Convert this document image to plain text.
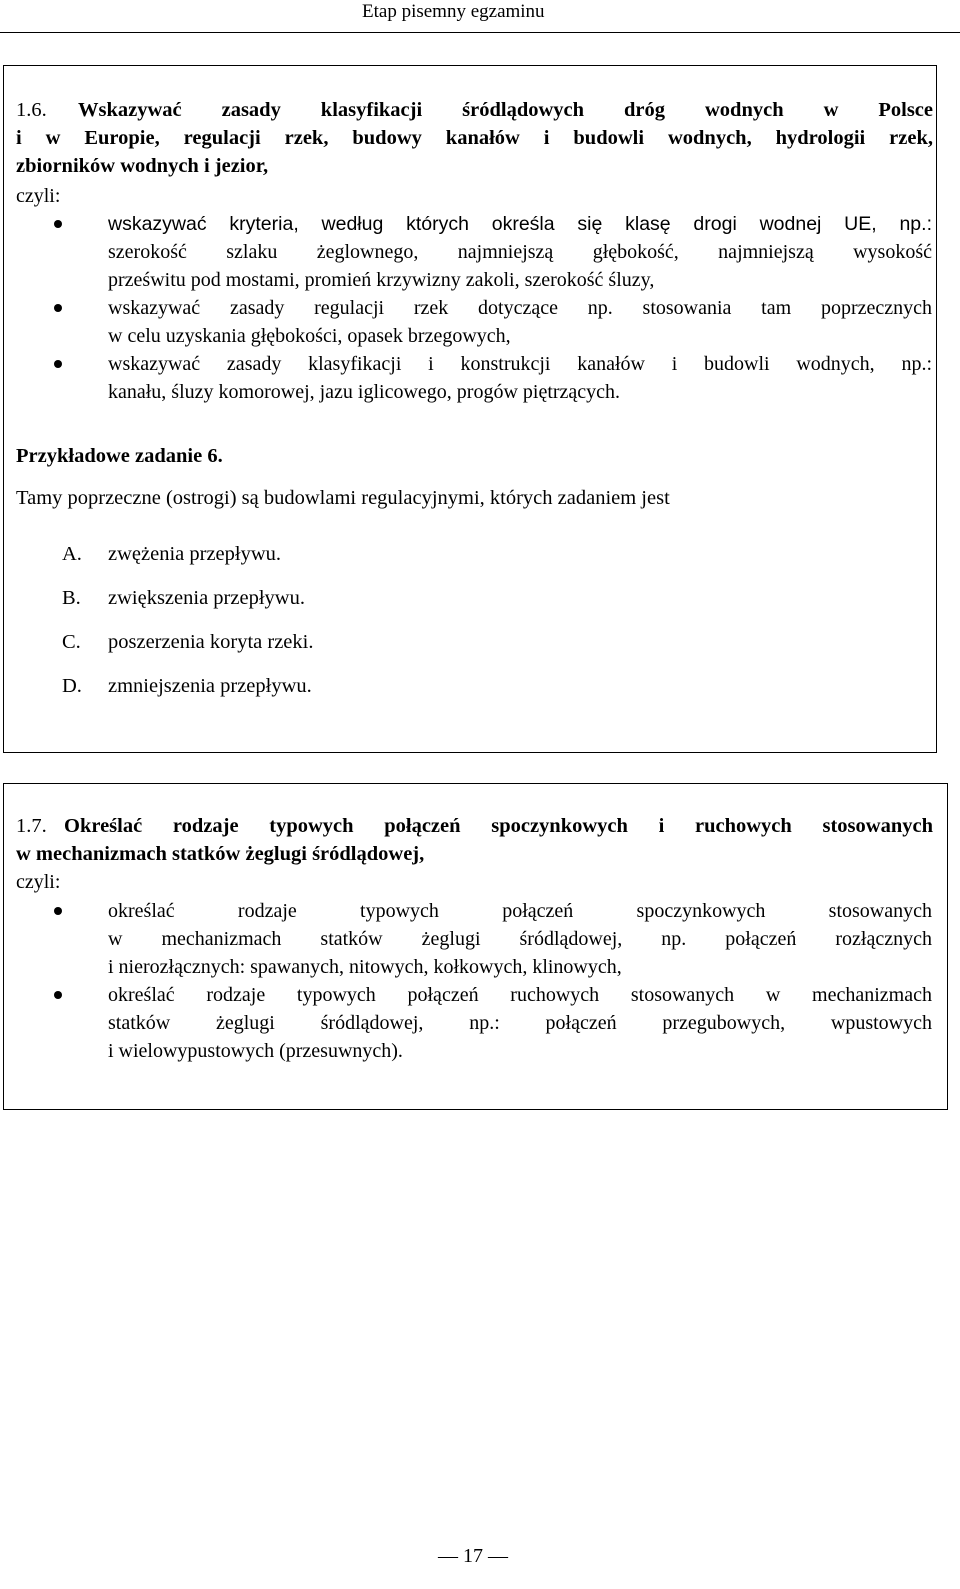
Etap pisemny egzaminu
1.6.	Wskazywać zasady klasyfikacji śródlądowych dróg wodnych w Polsce
i w Europie, regulacji rzek, budowy kanałów i budowli wodnych, hydrologii rzek,
zbiorników wodnych i jezior,
czyli:
wskazywać kryteria, według których określa się klasę drogi wodnej UE, np.:
szerokość szlaku żeglownego, najmniejszą głębokość, najmniejszą wysokość
prześwitu pod mostami, promień krzywizny zakoli, szerokość śluzy,
wskazywać zasady regulacji rzek dotyczące np. stosowania tam poprzecznych
w celu uzyskania głębokości, opasek brzegowych,
wskazywać zasady klasyfikacji i konstrukcji kanałów i budowli wodnych, np.:
kanału, śluzy komorowej, jazu iglicowego, progów piętrzących.
Przykładowe zadanie 6.
Tamy poprzeczne (ostrogi) są budowlami regulacyjnymi, których zadaniem jest
A. zwężenia przepływu.
B. zwiększenia przepływu.
C. poszerzenia koryta rzeki.
D. zmniejszenia przepływu.
1.7. Określać rodzaje typowych połączeń spoczynkowych i ruchowych stosowanych
w mechanizmach statków żeglugi śródlądowej,
czyli:
określać rodzaje typowych połączeń spoczynkowych stosowanych
w mechanizmach statków żeglugi śródlądowej, np. połączeń rozłącznych
i nierozłącznych: spawanych, nitowych, kołkowych, klinowych,
określać rodzaje typowych połączeń ruchowych stosowanych w mechanizmach
statków żeglugi śródlądowej, np.: połączeń przegubowych, wpustowych
i wielowypustowych (przesuwnych).
— 17 —
